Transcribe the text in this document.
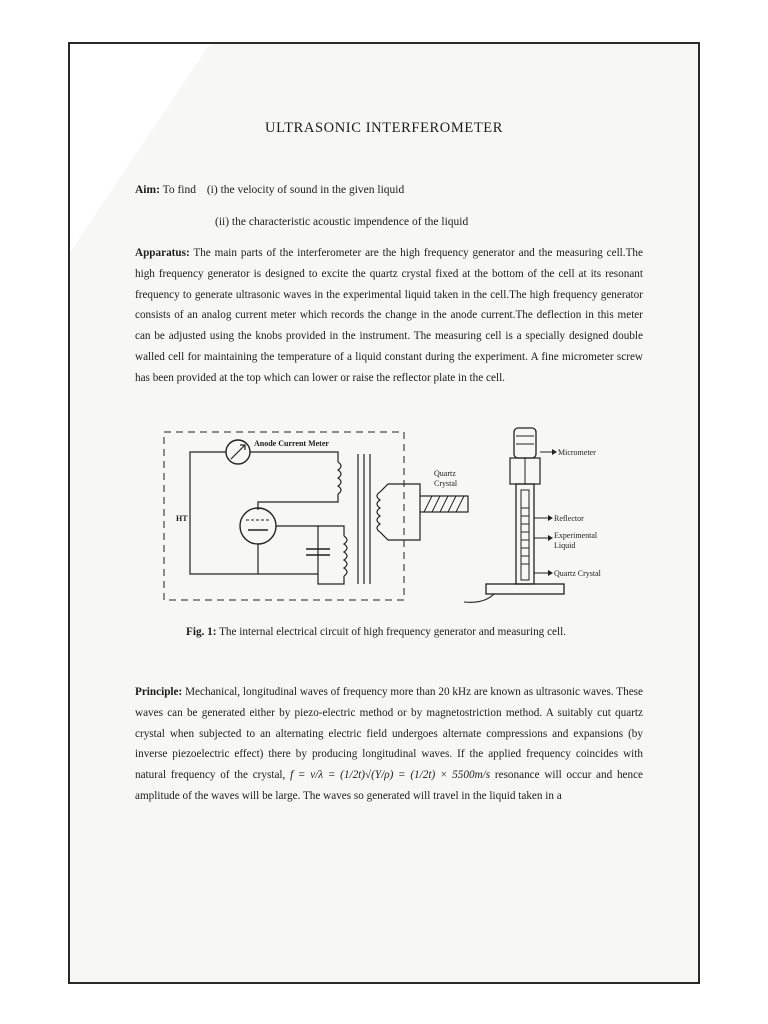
ULTRASONIC INTERFEROMETER
Aim: To find (i) the velocity of sound in the given liquid
(ii) the characteristic acoustic impendence of the liquid

Apparatus: The main parts of the interferometer are the high frequency generator and the measuring cell.The high frequency generator is designed to excite the quartz crystal fixed at the bottom of the cell at its resonant frequency to generate ultrasonic waves in the experimental liquid taken in the cell.The high frequency generator consists of an analog current meter which records the change in the anode current.The deflection in this meter can be adjusted using the knobs provided in the instrument. The measuring cell is a specially designed double walled cell for maintaining the temperature of a liquid constant during the experiment. A fine micrometer screw has been provided at the top which can lower or raise the reflector plate in the cell.

Anode Current Meter
HT
Quartz
Crystal
Micrometer
Reflector
Experimental
Liquid
Quartz Crystal
Fig. 1: The internal electrical circuit of high frequency generator and measuring cell.

Principle: Mechanical, longitudinal waves of frequency more than 20 kHz are known as ultrasonic waves. These waves can be generated either by piezo-electric method or by magnetostriction method. A suitably cut quartz crystal when subjected to an alternating electric field undergoes alternate compressions and expansions (by inverse piezoelectric effect) there by producing longitudinal waves. If the applied frequency coincides with natural frequency of the crystal, f = v/λ = (1/2t)√(Y/ρ) = (1/2t) × 5500m/s resonance will occur and hence amplitude of the waves will be large. The waves so generated will travel in the liquid taken in a
